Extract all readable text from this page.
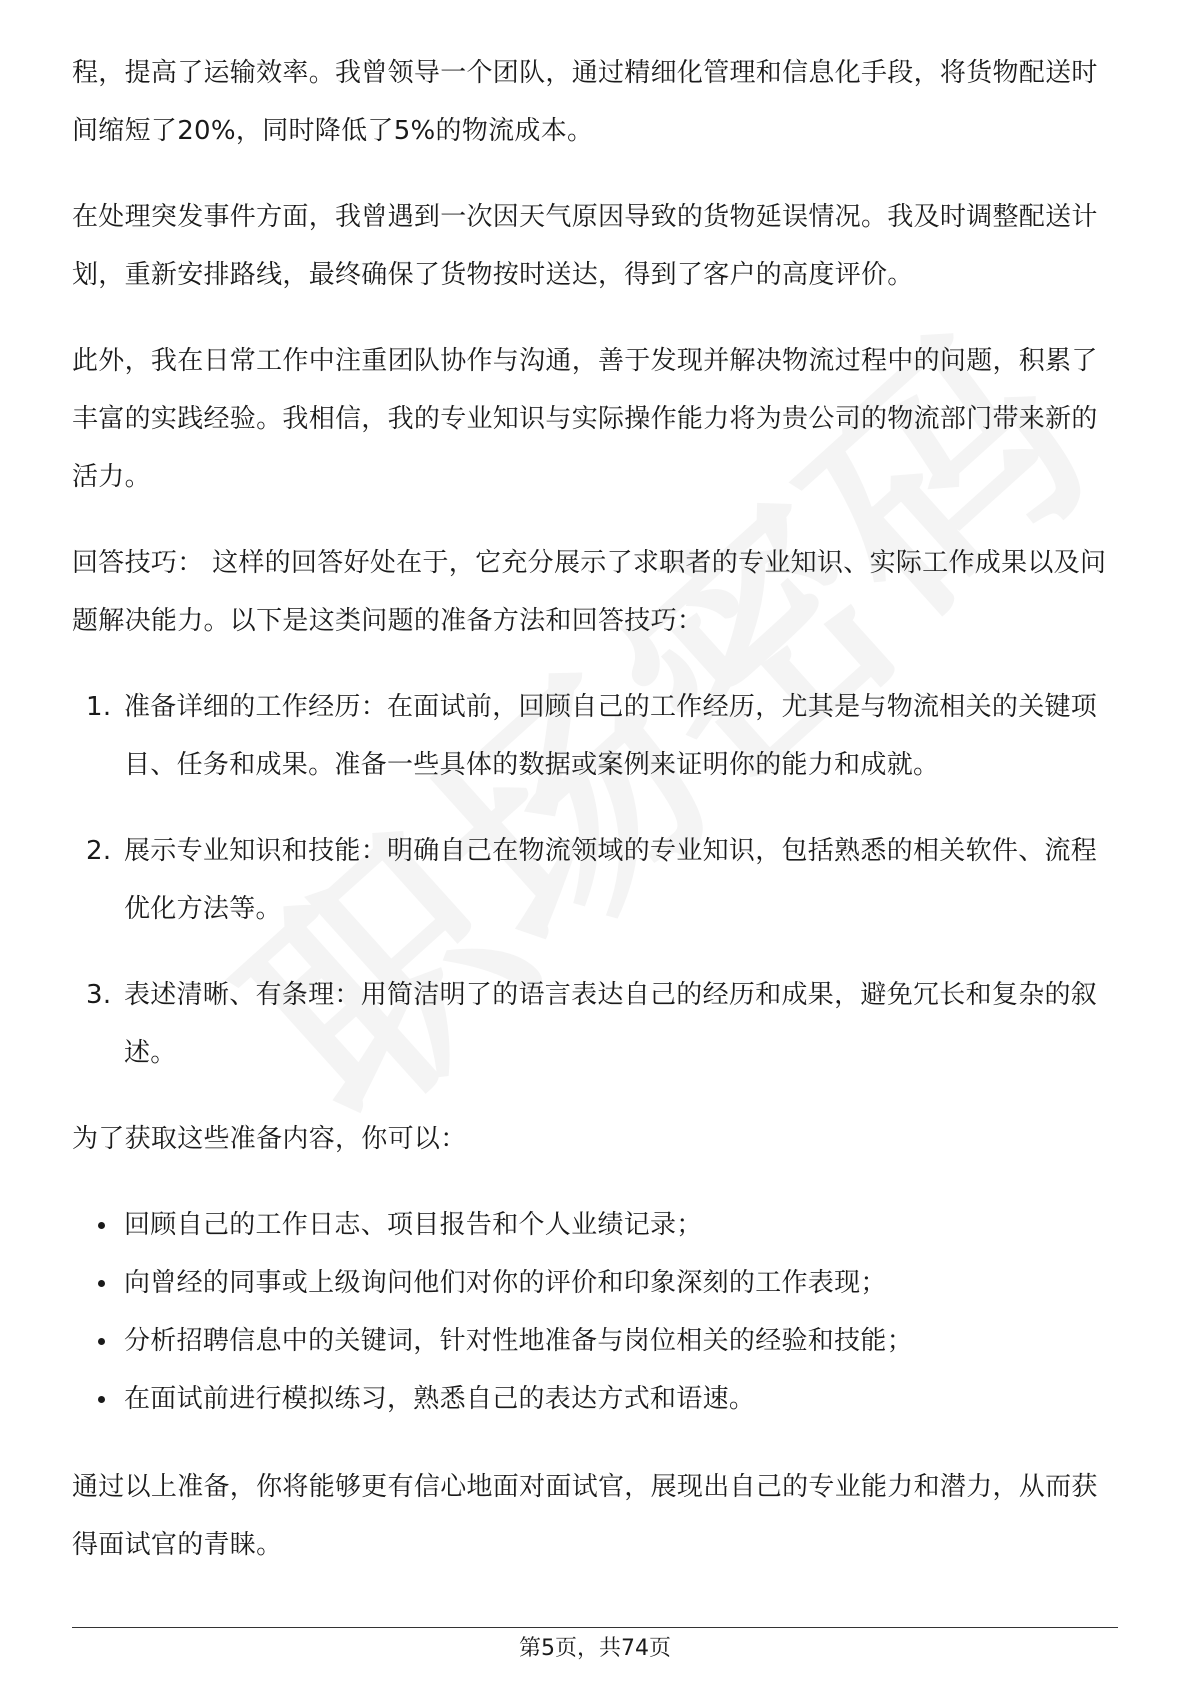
程，提高了运输效率。我曾领导一个团队，通过精细化管理和信息化手段，将货物配送时间缩短了20%，同时降低了5%的物流成本。

在处理突发事件方面，我曾遇到一次因天气原因导致的货物延误情况。我及时调整配送计划，重新安排路线，最终确保了货物按时送达，得到了客户的高度评价。

此外，我在日常工作中注重团队协作与沟通，善于发现并解决物流过程中的问题，积累了丰富的实践经验。我相信，我的专业知识与实际操作能力将为贵公司的物流部门带来新的活力。

回答技巧： 这样的回答好处在于，它充分展示了求职者的专业知识、实际工作成果以及问题解决能力。以下是这类问题的准备方法和回答技巧：

1. 准备详细的工作经历：在面试前，回顾自己的工作经历，尤其是与物流相关的关键项目、任务和成果。准备一些具体的数据或案例来证明你的能力和成就。
2. 展示专业知识和技能：明确自己在物流领域的专业知识，包括熟悉的相关软件、流程优化方法等。
3. 表述清晰、有条理：用简洁明了的语言表达自己的经历和成果，避免冗长和复杂的叙述。

为了获取这些准备内容，你可以：

回顾自己的工作日志、项目报告和个人业绩记录；
向曾经的同事或上级询问他们对你的评价和印象深刻的工作表现；
分析招聘信息中的关键词，针对性地准备与岗位相关的经验和技能；
在面试前进行模拟练习，熟悉自己的表达方式和语速。

通过以上准备，你将能够更有信心地面对面试官，展现出自己的专业能力和潜力，从而获得面试官的青睐。

第5页，共74页
